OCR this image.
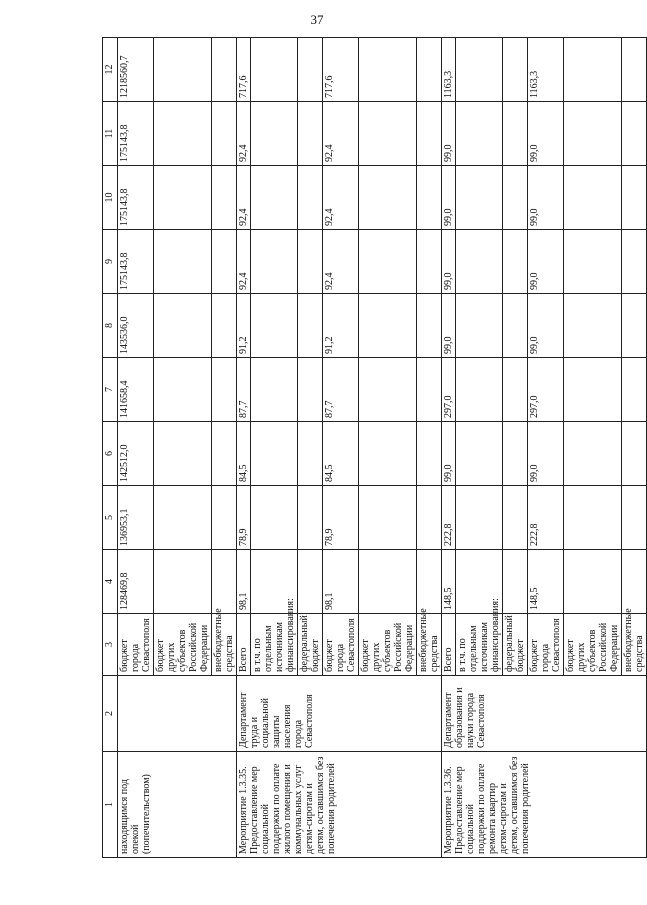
37
1	2	3	4	5	6	7	8	9	10	11	12
находящимся под опекой (попечительством)		бюджет города Севастополя	128469,8	136953,1	142512,0	141658,4	143536,0	175143,8	175143,8	175143,8	1218560,7
		бюджет других субъектов Российской Федерации									
		внебюджетные средства									
Мероприятие 1.3.35. Предоставление мер социальной поддержки по оплате жилого помещения и коммунальных услуг детям-сиротам и детям, оставшимся без попечения родителей	Департамент труда и социальной защиты населения города Севастополя	Всего	98,1	78,9	84,5	87,7	91,2	92,4	92,4	92,4	717,6
		в т.ч. по отдельным источникам финансирования:									
		федеральный бюджет									
		бюджет города Севастополя	98,1	78,9	84,5	87,7	91,2	92,4	92,4	92,4	717,6
		бюджет других субъектов Российской Федерации									
		внебюджетные средства									
Мероприятие 1.3.36. Предоставление мер социальной поддержки по оплате ремонта квартир детям-сиротам и детям, оставшимся без попечения родителей	Департамент образования и науки города Севастополя	Всего	148,5	222,8	99,0	297,0	99,0	99,0	99,0	99,0	1163,3
		в т.ч. по отдельным источникам финансирования:									
		федеральный бюджет									
		бюджет города Севастополя	148,5	222,8	99,0	297,0	99,0	99,0	99,0	99,0	1163,3
		бюджет других субъектов Российской Федерации									
		внебюджетные средства									
